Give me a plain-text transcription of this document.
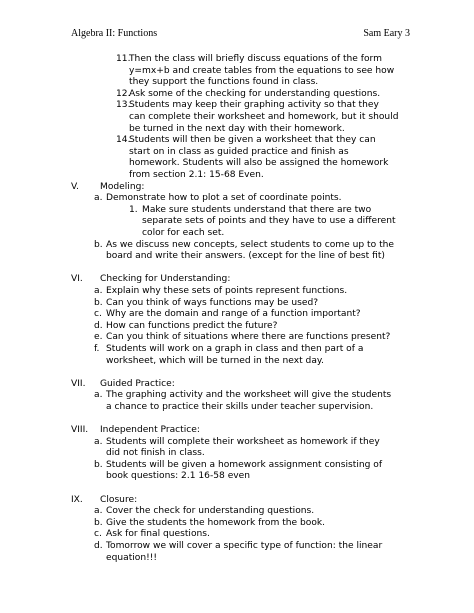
Algebra II: Functions	Sam Eary 3
11.
Then the class will briefly discuss equations of the form
y=mx+b and create tables from the equations to see how
they support the functions found in class.
12.
Ask some of the checking for understanding questions.
13.
Students may keep their graphing activity so that they
can complete their worksheet and homework, but it should
be turned in the next day with their homework.
14.
Students will then be given a worksheet that they can
start on in class as guided practice and finish as
homework. Students will also be assigned the homework
from section 2.1: 15-68 Even.
V. Modeling:
a. Demonstrate how to plot a set of coordinate points.
1. Make sure students understand that there are two
separate sets of points and they have to use a different
color for each set.
b. As we discuss new concepts, select students to come up to the
board and write their answers. (except for the line of best fit)
VI. Checking for Understanding:
a. Explain why these sets of points represent functions.
b. Can you think of ways functions may be used?
c. Why are the domain and range of a function important?
d. How can functions predict the future?
e. Can you think of situations where there are functions present?
f. Students will work on a graph in class and then part of a
worksheet, which will be turned in the next day.
VII. Guided Practice:
a. The graphing activity and the worksheet will give the students
a chance to practice their skills under teacher supervision.
VIII. Independent Practice:
a. Students will complete their worksheet as homework if they
did not finish in class.
b. Students will be given a homework assignment consisting of
book questions: 2.1 16-58 even
IX. Closure:
a. Cover the check for understanding questions.
b. Give the students the homework from the book.
c. Ask for final questions.
d. Tomorrow we will cover a specific type of function: the linear
equation!!!
